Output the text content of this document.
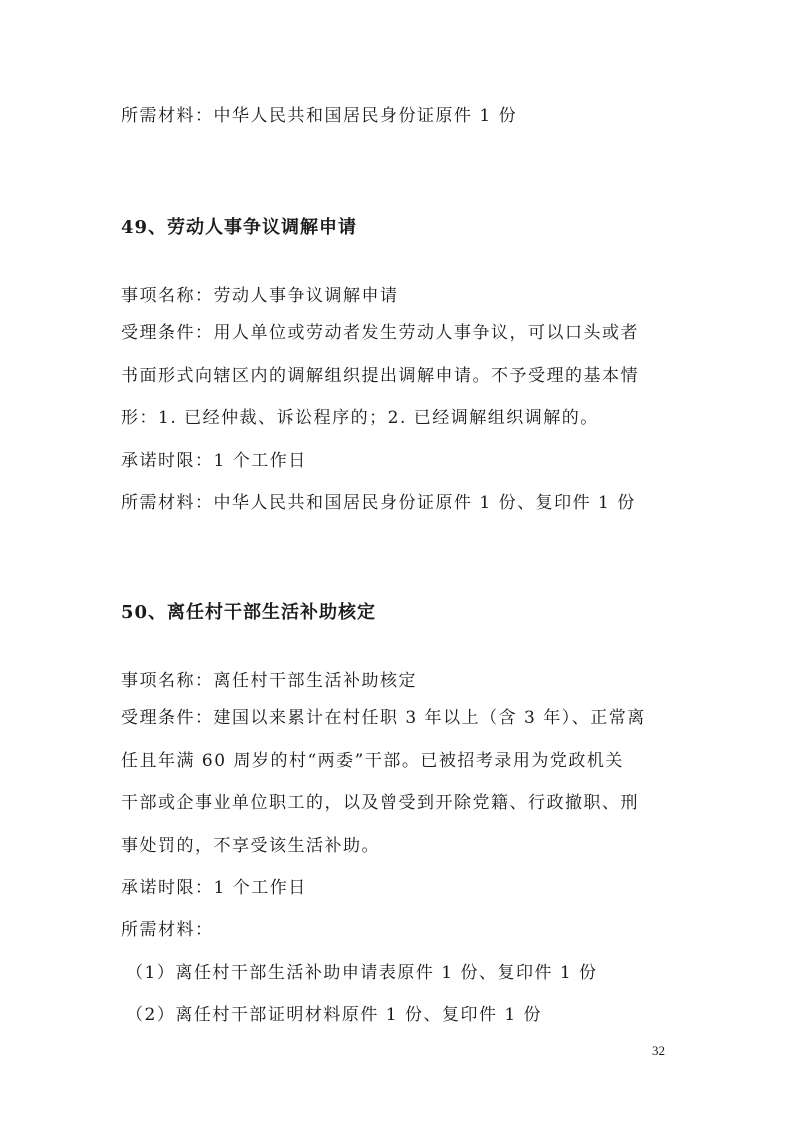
所需材料：中华人民共和国居民身份证原件 1 份
49、劳动人事争议调解申请
事项名称：劳动人事争议调解申请
受理条件：用人单位或劳动者发生劳动人事争议，可以口头或者
书面形式向辖区内的调解组织提出调解申请。不予受理的基本情
形：1. 已经仲裁、诉讼程序的；2. 已经调解组织调解的。
承诺时限：1 个工作日
所需材料：中华人民共和国居民身份证原件 1 份、复印件 1 份
50、离任村干部生活补助核定
事项名称：离任村干部生活补助核定
受理条件：建国以来累计在村任职 3 年以上（含 3 年）、正常离
任且年满 60 周岁的村“两委”干部。已被招考录用为党政机关
干部或企事业单位职工的，以及曾受到开除党籍、行政撤职、刑
事处罚的，不享受该生活补助。
承诺时限：1 个工作日
所需材料：
（1）离任村干部生活补助申请表原件 1 份、复印件 1 份
（2）离任村干部证明材料原件 1 份、复印件 1 份
32
